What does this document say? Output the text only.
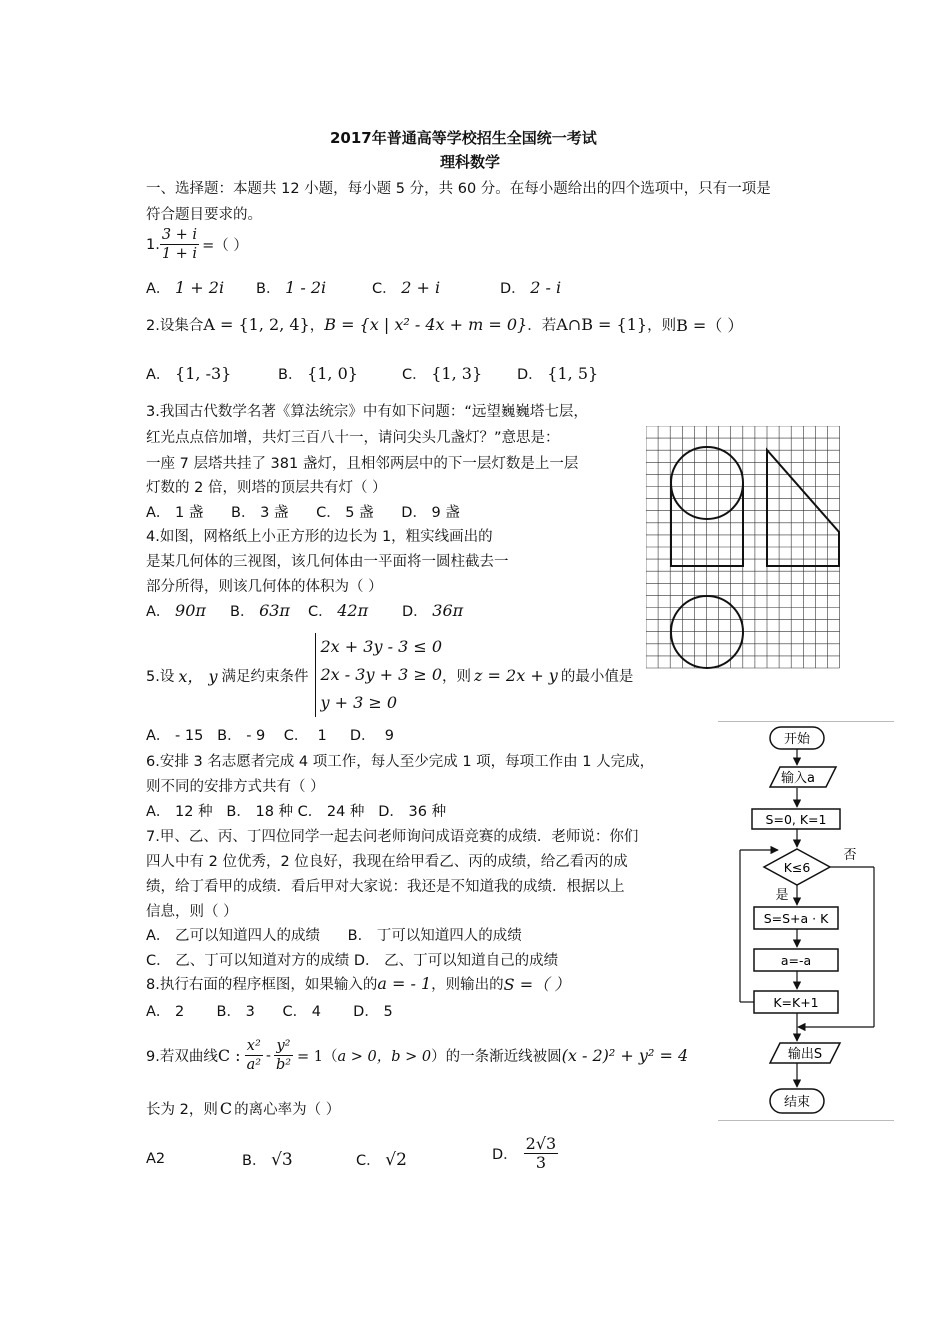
2017年普通高等学校招生全国统一考试
理科数学
一、选择题：本题共 12 小题，每小题 5 分，共 60 分。在每小题给出的四个选项中，只有一项是
符合题目要求的。
1. $\frac{3 + i}{1 + i}$ =（ ）
A． 1 + 2i B． 1 - 2i	C． 2 + i	D． 2 - i
2.设集合 A = {1, 2, 4} ， B = {x | x² - 4x + m = 0} ．若 A∩B = {1} ，则 B =（ ）
A． {1, -3}	B． {1, 0}	C． {1, 3} D． {1, 5}
3.我国古代数学名著《算法统宗》中有如下问题：“远望巍巍塔七层，
红光点点倍加增，共灯三百八十一，请问尖头几盏灯？”意思是：
一座 7 层塔共挂了 381 盏灯，且相邻两层中的下一层灯数是上一层
灯数的 2 倍，则塔的顶层共有灯（ ）
A． 1 盏      B． 3 盏      C． 5 盏      D． 9 盏
4.如图，网格纸上小正方形的边长为 1，粗实线画出的
是某几何体的三视图，该几何体由一平面将一圆柱截去一
部分所得，则该几何体的体积为（ ）
A． 90π B． 63π C． 42π D． 36π
5.设 x， y 满足约束条件
2x + 3y - 3 ≤ 0
2x - 3y + 3 ≥ 0
y + 3 ≥ 0
，则 z = 2x + y 的最小值是
A． - 15   B． - 9    C．  1     D．  9
6.安排 3 名志愿者完成 4 项工作，每人至少完成 1 项，每项工作由 1 人完成，
则不同的安排方式共有（ ）
A． 12 种   B． 18 种 C． 24 种   D． 36 种
7.甲、乙、丙、丁四位同学一起去问老师询问成语竞赛的成绩．老师说：你们
四人中有 2 位优秀，2 位良好，我现在给甲看乙、丙的成绩，给乙看丙的成
绩，给丁看甲的成绩．看后甲对大家说：我还是不知道我的成绩．根据以上
信息，则（ ）
A． 乙可以知道四人的成绩      B． 丁可以知道四人的成绩
C． 乙、丁可以知道对方的成绩 D． 乙、丁可以知道自己的成绩
8.执行右面的程序框图，如果输入的 a = - 1 ，则输出的 S =（ ）
A． 2       B． 3      C． 4       D． 5
9.若双曲线 C : $\frac{\text{x²}}{\text{a²}} - \frac{\text{y²}}{\text{b²}} = 1$（ a > 0，b > 0 ）的一条渐近线被圆 (x - 2)² + y² = 4
长为 2，则 C 的离心率为（ ）
A2	B． √3	C． √2	D． $\frac{2√3}{3}$
开始
输入a
S=0, K=1
K≤6
否
是
S=S+a · K
a=-a
K=K+1
输出S
结束
